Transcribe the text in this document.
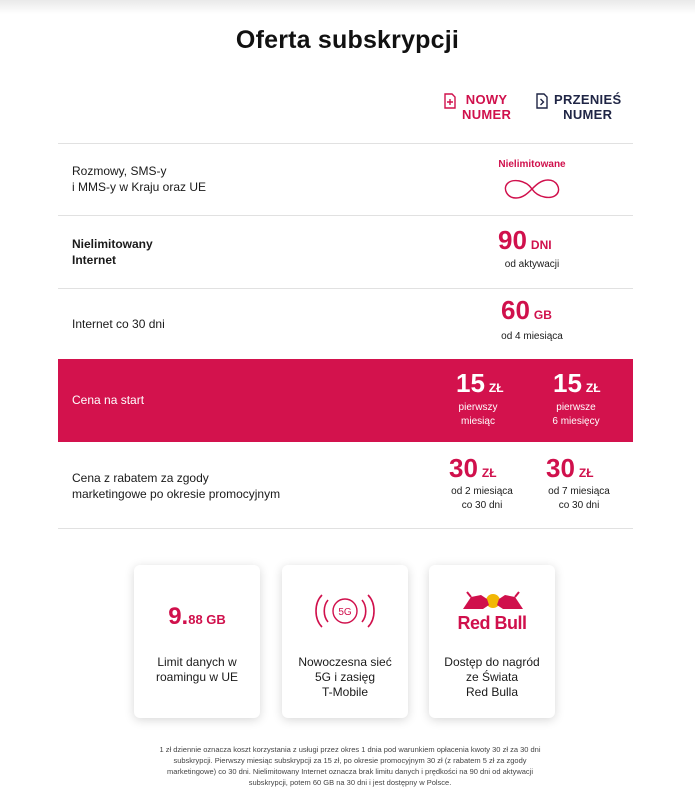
Oferta subskrypcji
NOWY
NUMER
PRZENIEŚ
NUMER
Rozmowy, SMS-y
i MMS-y w Kraju oraz UE
Nielimitowane
Nielimitowany
Internet
90 DNI
od aktywacji
Internet co 30 dni	60 GB
od 4 miesiąca
Cena na start
15 ZŁ
pierwszy
miesiąc
15 ZŁ
pierwsze
6 miesięcy
Cena z rabatem za zgody
marketingowe po okresie promocyjnym
30 ZŁ
od 2 miesiąca
co 30 dni
30 ZŁ
od 7 miesiąca
co 30 dni
9.88 GB
Limit danych w
roamingu w UE
5G
Nowoczesna sieć
5G i zasięg
T-Mobile
Red Bull
Dostęp do nagród
ze Świata
Red Bulla
1 zł dziennie oznacza koszt korzystania z usługi przez okres 1 dnia pod warunkiem opłacenia kwoty 30 zł za 30 dni
subskrypcji. Pierwszy miesiąc subskrypcji za 15 zł, po okresie promocyjnym 30 zł (z rabatem 5 zł za zgody
marketingowe) co 30 dni. Nielimitowany Internet oznacza brak limitu danych i prędkości na 90 dni od aktywacji
subskrypcji, potem 60 GB na 30 dni i jest dostępny w Polsce.
